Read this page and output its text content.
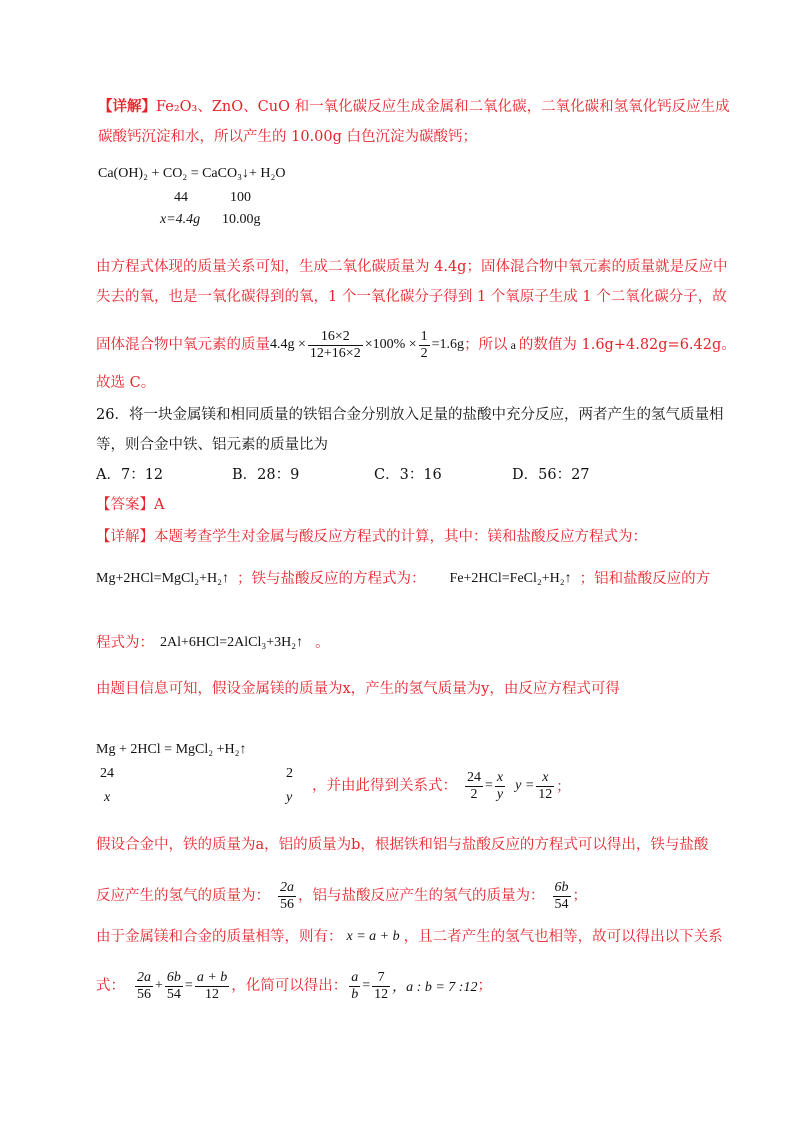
【详解】Fe₂O₃、ZnO、CuO 和一氧化碳反应生成金属和二氧化碳，二氧化碳和氢氧化钙反应生成
碳酸钙沉淀和水，所以产生的 10.00g 白色沉淀为碳酸钙；
Ca(OH)₂ + CO₂ = CaCO₃↓+ H₂O
44	100
x=4.4g 10.00g
由方程式体现的质量关系可知，生成二氧化碳质量为 4.4g；固体混合物中氧元素的质量就是反应中
失去的氧，也是一氧化碳得到的氧，1 个一氧化碳分子得到 1 个氧原子生成 1 个二氧化碳分子，故
固体混合物中氧元素的质量 $4.4g \times \frac{16\times 2}{12+16\times 2} \times 100\% \times \frac{1}{2} =1.6g$ ；所以 a 的数值为 1.6g+4.82g=6.42g。
故选 C。
26．将一块金属镁和相同质量的铁铝合金分别放入足量的盐酸中充分反应，两者产生的氢气质量相
等，则合金中铁、铝元素的质量比为
A．7：12	B．28：9	C．3：16	D．56：27
【答案】A
【详解】本题考查学生对金属与酸反应方程式的计算，其中：镁和盐酸反应方程式为：
Mg+2HCl=MgCl₂+H₂↑ ；铁与盐酸反应的方程式为： Fe+2HCl=FeCl₂+H₂↑ ；铝和盐酸反应的方
程式为： 2Al+6HCl=2AlCl₃+3H₂↑ 。
由题目信息可知，假设金属镁的质量为x，产生的氢气质量为y，由反应方程式可得
Mg + 2HCl = MgCl₂ +H₂↑
24	2
x	y
，并由此得到关系式： $\frac{24}{2} = \frac{x}{y}$ $y = \frac{x}{12}$ ；
假设合金中，铁的质量为a，铝的质量为b，根据铁和铝与盐酸反应的方程式可以得出，铁与盐酸
反应产生的氢气的质量为： $\frac{2a}{56}$ ，铝与盐酸反应产生的氢气的质量为： $\frac{6b}{54}$ ；
由于金属镁和合金的质量相等，则有： x = a + b ，且二者产生的氢气也相等，故可以得出以下关系
式： $\frac{2a}{56} + \frac{6b}{54} = \frac{a + b}{12}$ ，化简可以得出： $\frac{a}{b} = \frac{7}{12}$ ，a : b = 7 :12 ；
